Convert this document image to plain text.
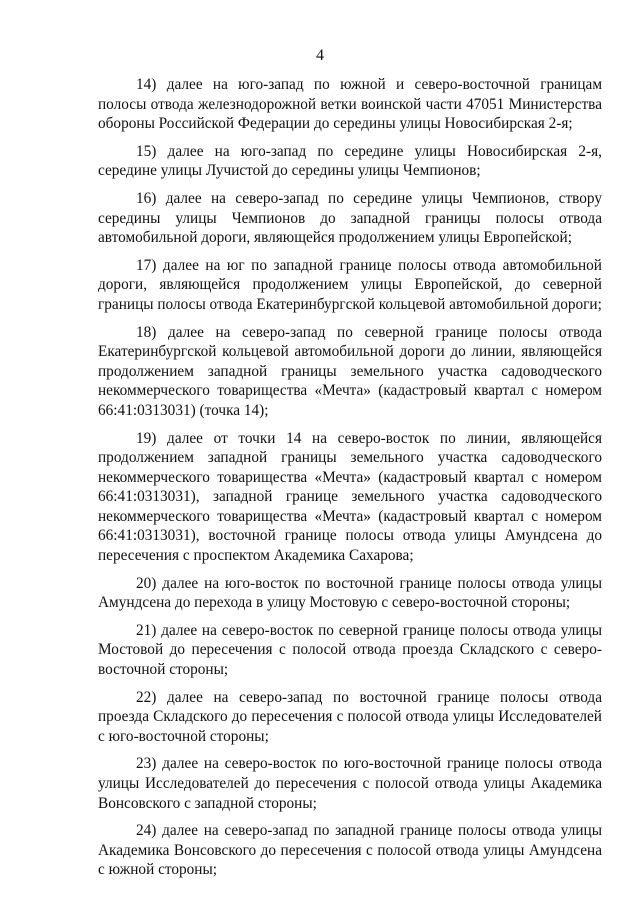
4

14) далее на юго-запад по южной и северо-восточной границам полосы отвода железнодорожной ветки воинской части 47051 Министерства обороны Российской Федерации до середины улицы Новосибирская 2-я;

15) далее на юго-запад по середине улицы Новосибирская 2-я, середине улицы Лучистой до середины улицы Чемпионов;

16) далее на северо-запад по середине улицы Чемпионов, створу середины улицы Чемпионов до западной границы полосы отвода автомобильной дороги, являющейся продолжением улицы Европейской;

17) далее на юг по западной границе полосы отвода автомобильной дороги, являющейся продолжением улицы Европейской, до северной границы полосы отвода Екатеринбургской кольцевой автомобильной дороги;

18) далее на северо-запад по северной границе полосы отвода Екатеринбургской кольцевой автомобильной дороги до линии, являющейся продолжением западной границы земельного участка садоводческого некоммерческого товарищества «Мечта» (кадастровый квартал с номером 66:41:0313031) (точка 14);

19) далее от точки 14 на северо-восток по линии, являющейся продолжением западной границы земельного участка садоводческого некоммерческого товарищества «Мечта» (кадастровый квартал с номером 66:41:0313031), западной границе земельного участка садоводческого некоммерческого товарищества «Мечта» (кадастровый квартал с номером 66:41:0313031), восточной границе полосы отвода улицы Амундсена до пересечения с проспектом Академика Сахарова;

20) далее на юго-восток по восточной границе полосы отвода улицы Амундсена до перехода в улицу Мостовую с северо-восточной стороны;

21) далее на северо-восток по северной границе полосы отвода улицы Мостовой до пересечения с полосой отвода проезда Складского с северо-восточной стороны;

22) далее на северо-запад по восточной границе полосы отвода проезда Складского до пересечения с полосой отвода улицы Исследователей с юго-восточной стороны;

23) далее на северо-восток по юго-восточной границе полосы отвода улицы Исследователей до пересечения с полосой отвода улицы Академика Вонсовского с западной стороны;

24) далее на северо-запад по западной границе полосы отвода улицы Академика Вонсовского до пересечения с полосой отвода улицы Амундсена с южной стороны;
